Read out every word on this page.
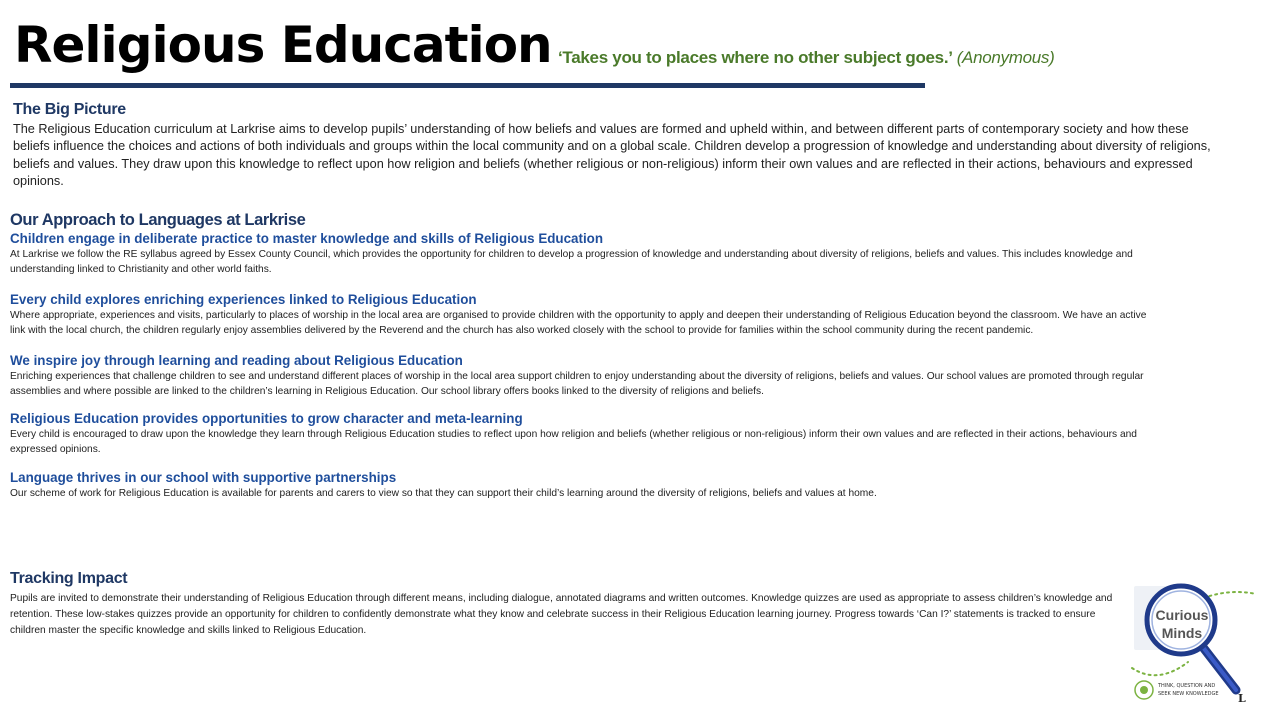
Religious Education ‘Takes you to places where no other subject goes.’ (Anonymous)
The Big Picture

The Religious Education curriculum at Larkrise aims to develop pupils’ understanding of how beliefs and values are formed and upheld within, and between different parts of contemporary society and how these beliefs influence the choices and actions of both individuals and groups within the local community and on a global scale. Children develop a progression of knowledge and understanding about diversity of religions, beliefs and values. They draw upon this knowledge to reflect upon how religion and beliefs (whether religious or non-religious) inform their own values and are reflected in their actions, behaviours and expressed opinions.

Our Approach to Languages at Larkrise
Children engage in deliberate practice to master knowledge and skills of Religious Education

At Larkrise we follow the RE syllabus agreed by Essex County Council, which provides the opportunity for children to develop a progression of knowledge and understanding about diversity of religions, beliefs and values. This includes knowledge and understanding linked to Christianity and other world faiths.

Every child explores enriching experiences linked to Religious Education

Where appropriate, experiences and visits, particularly to places of worship in the local area are organised to provide children with the opportunity to apply and deepen their understanding of Religious Education beyond the classroom. We have an active link with the local church, the children regularly enjoy assemblies delivered by the Reverend and the church has also worked closely with the school to provide for families within the school community during the recent pandemic.

We inspire joy through learning and reading about Religious Education

Enriching experiences that challenge children to see and understand different places of worship in the local area support children to enjoy understanding about the diversity of religions, beliefs and values. Our school values are promoted through regular assemblies and where possible are linked to the children’s learning in Religious Education. Our school library offers books linked to the diversity of religions and beliefs.

Religious Education provides opportunities to grow character and meta-learning

Every child is encouraged to draw upon the knowledge they learn through Religious Education studies to reflect upon how religion and beliefs (whether religious or non-religious) inform their own values and are reflected in their actions, behaviours and expressed opinions.

Language thrives in our school with supportive partnerships

Our scheme of work for Religious Education is available for parents and carers to view so that they can support their child’s learning around the diversity of religions, beliefs and values at home.

Tracking Impact

Pupils are invited to demonstrate their understanding of Religious Education through different means, including dialogue, annotated diagrams and written outcomes. Knowledge quizzes are used as appropriate to assess children’s knowledge and retention. These low-stakes quizzes provide an opportunity for children to confidently demonstrate what they know and celebrate success in their Religious Education learning journey. Progress towards ‘Can I?’ statements is tracked to ensure children master the specific knowledge and skills linked to Religious Education.

Curious
Minds
THINK, QUESTION AND
SEEK NEW KNOWLEDGE L
